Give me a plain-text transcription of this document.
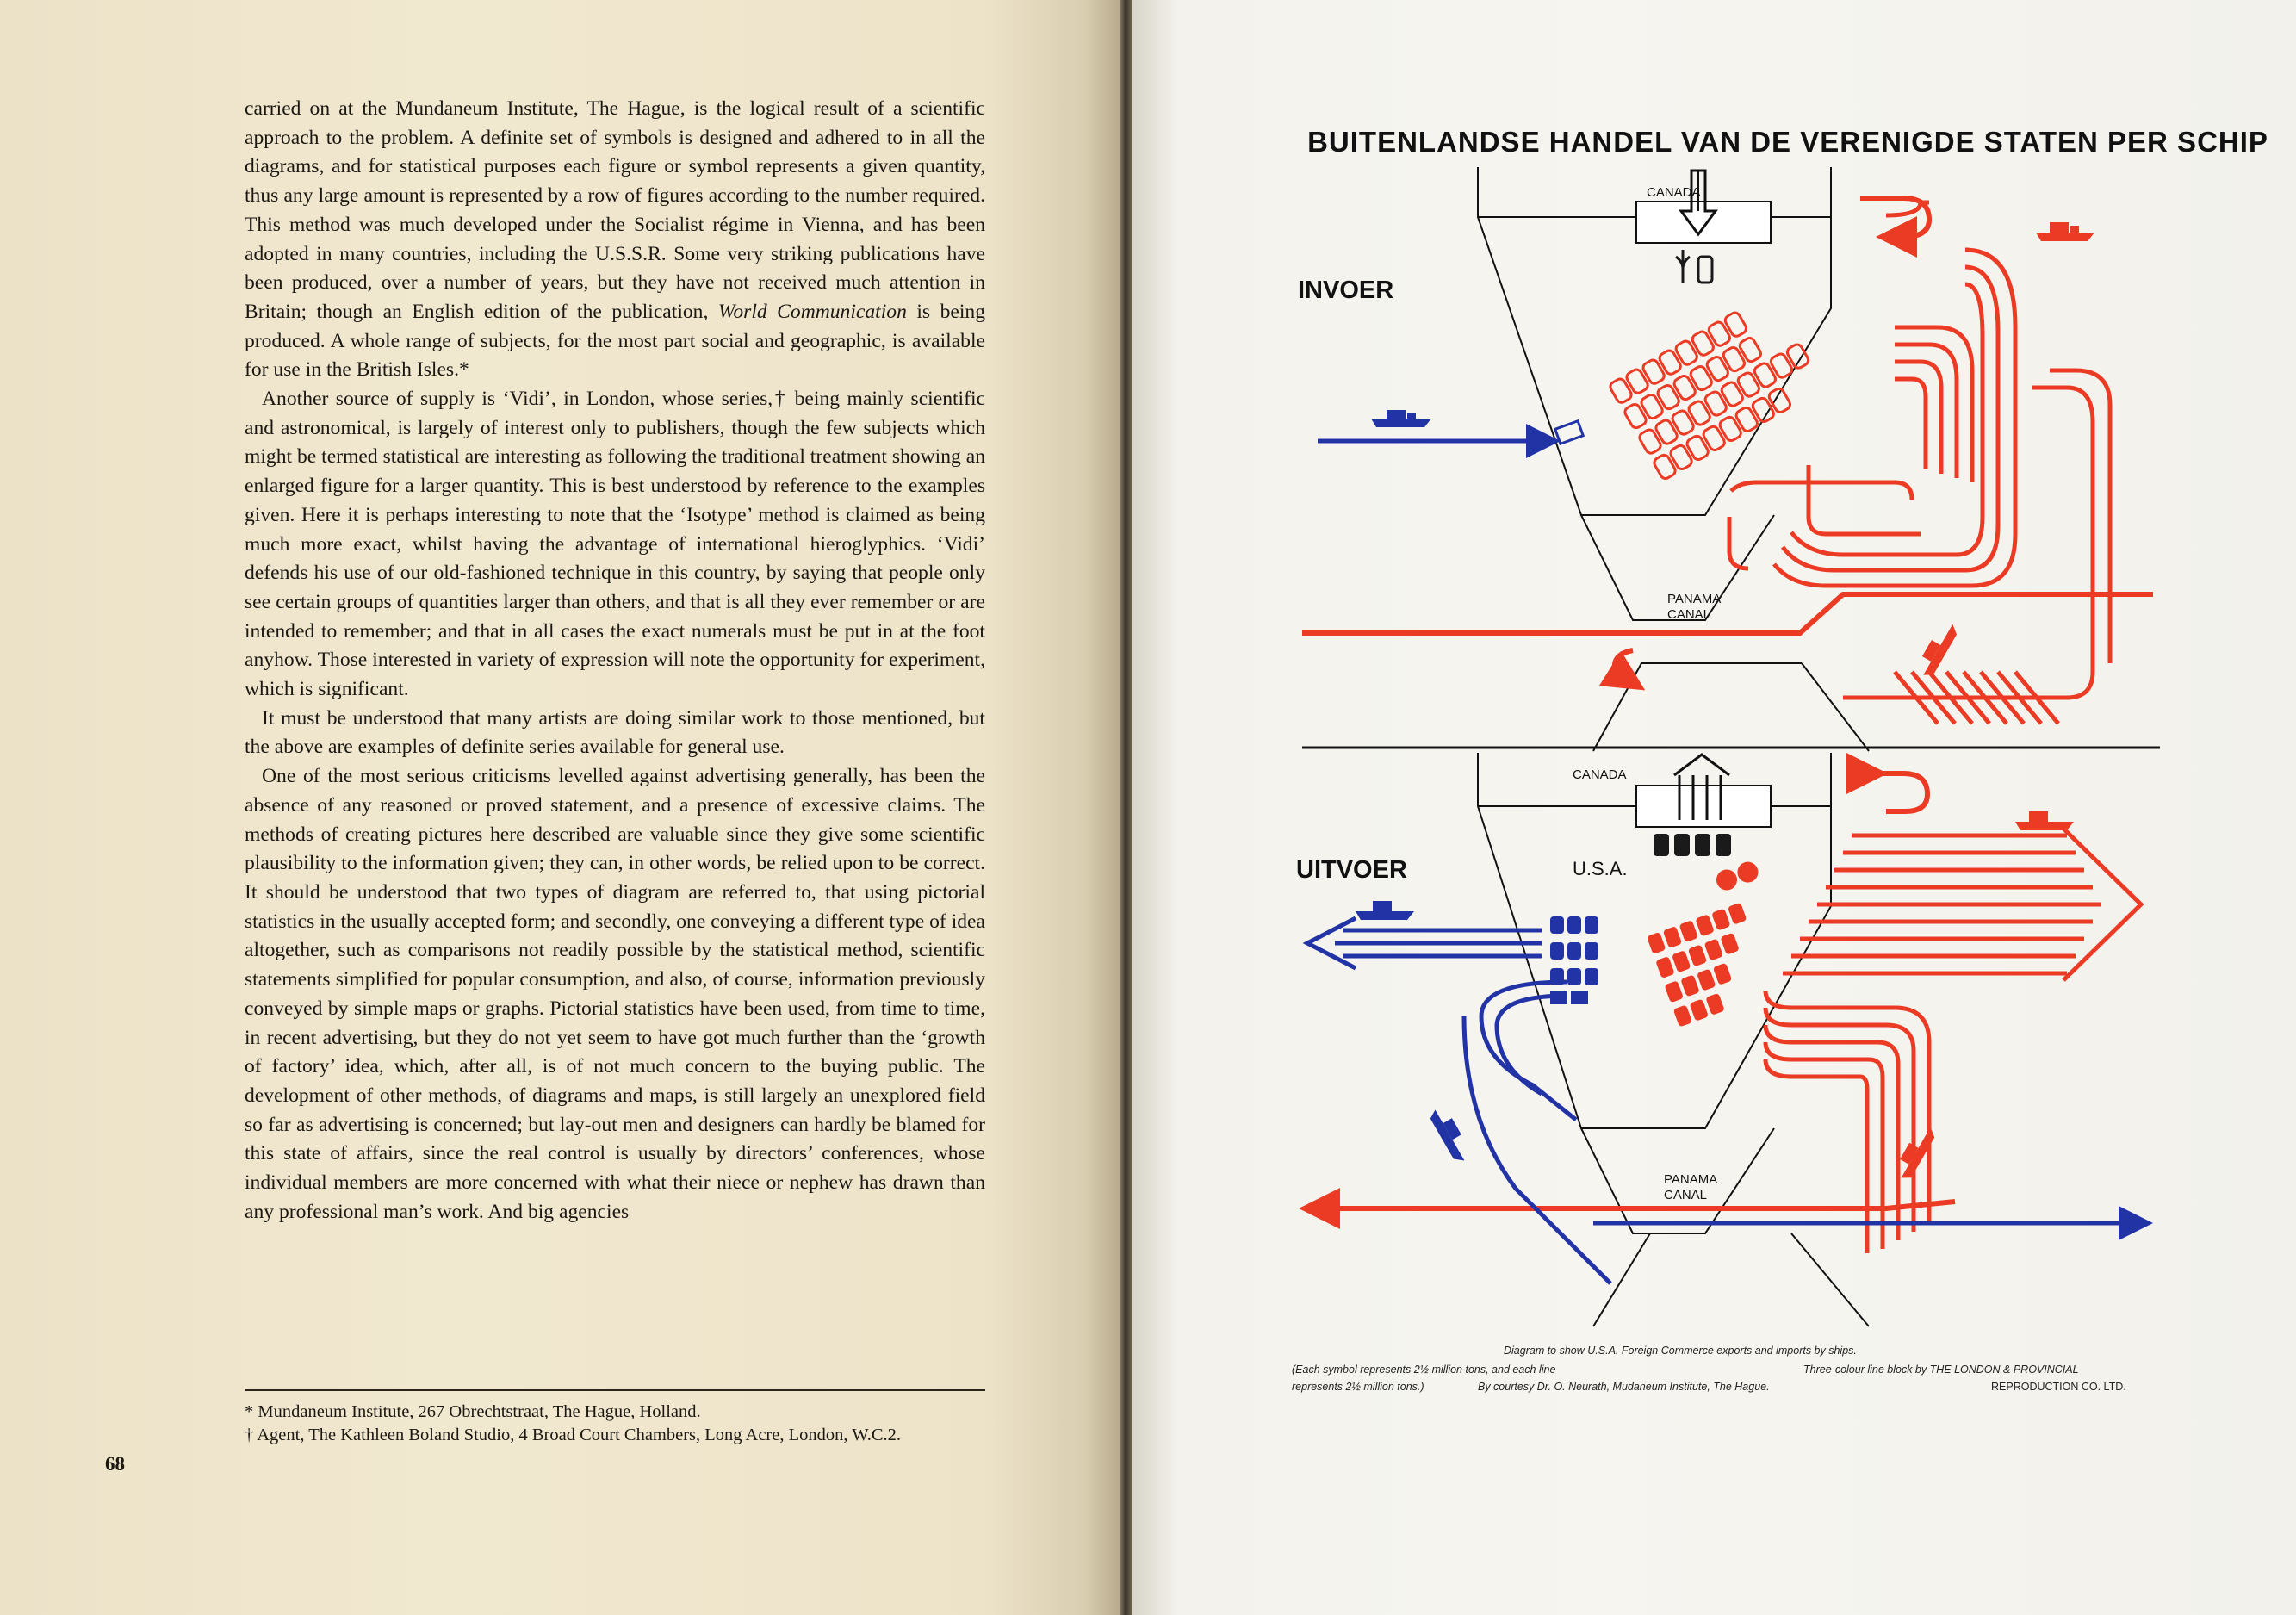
carried on at the Mundaneum Institute, The Hague, is the logical result of a scientific approach to the problem. A definite set of symbols is designed and adhered to in all the diagrams, and for statistical purposes each figure or symbol represents a given quantity, thus any large amount is represented by a row of figures according to the number required. This method was much developed under the Socialist régime in Vienna, and has been adopted in many countries, including the U.S.S.R. Some very striking publications have been produced, over a number of years, but they have not received much attention in Britain; though an English edition of the publication, World Communication is being produced. A whole range of subjects, for the most part social and geographic, is available for use in the British Isles.*

Another source of supply is ‘Vidi’, in London, whose series,† being mainly scientific and astronomical, is largely of interest only to publishers, though the few subjects which might be termed statistical are interesting as following the traditional treatment showing an enlarged figure for a larger quantity. This is best understood by reference to the examples given. Here it is perhaps interesting to note that the ‘Isotype’ method is claimed as being much more exact, whilst having the advantage of international hieroglyphics. ‘Vidi’ defends his use of our old-fashioned technique in this country, by saying that people only see certain groups of quantities larger than others, and that is all they ever remember or are intended to remember; and that in all cases the exact numerals must be put in at the foot anyhow. Those interested in variety of expression will note the opportunity for experiment, which is significant.

It must be understood that many artists are doing similar work to those mentioned, but the above are examples of definite series available for general use.

One of the most serious criticisms levelled against advertising generally, has been the absence of any reasoned or proved statement, and a presence of excessive claims. The methods of creating pictures here described are valuable since they give some scientific plausibility to the information given; they can, in other words, be relied upon to be correct. It should be understood that two types of diagram are referred to, that using pictorial statistics in the usually accepted form; and secondly, one conveying a different type of idea altogether, such as comparisons not readily possible by the statistical method, scientific statements simplified for popular consumption, and also, of course, information previously conveyed by simple maps or graphs. Pictorial statistics have been used, from time to time, in recent advertising, but they do not yet seem to have got much further than the ‘growth of factory’ idea, which, after all, is of not much concern to the buying public. The development of other methods, of diagrams and maps, is still largely an unexplored field so far as advertising is concerned; but lay-out men and designers can hardly be blamed for this state of affairs, since the real control is usually by directors’ conferences, whose individual members are more concerned with what their niece or nephew has drawn than any professional man’s work. And big agencies

* Mundaneum Institute, 267 Obrechtstraat, The Hague, Holland.
† Agent, The Kathleen Boland Studio, 4 Broad Court Chambers, Long Acre, London, W.C.2.
68
BUITENLANDSE HANDEL VAN DE VERENIGDE STATEN PER SCHIP
INVOER
CANADA
PANAMA
CANAL
UITVOER	U.S.A.
CANADA
PANAMA
CANAL
Diagram to show U.S.A. Foreign Commerce exports and imports by ships.
(Each symbol represents 2½ million tons, and each line
represents 2½ million tons.)
Three-colour line block by THE LONDON & PROVINCIAL
By courtesy Dr. O. Neurath, Mudaneum Institute, The Hague.	REPRODUCTION CO. LTD.
